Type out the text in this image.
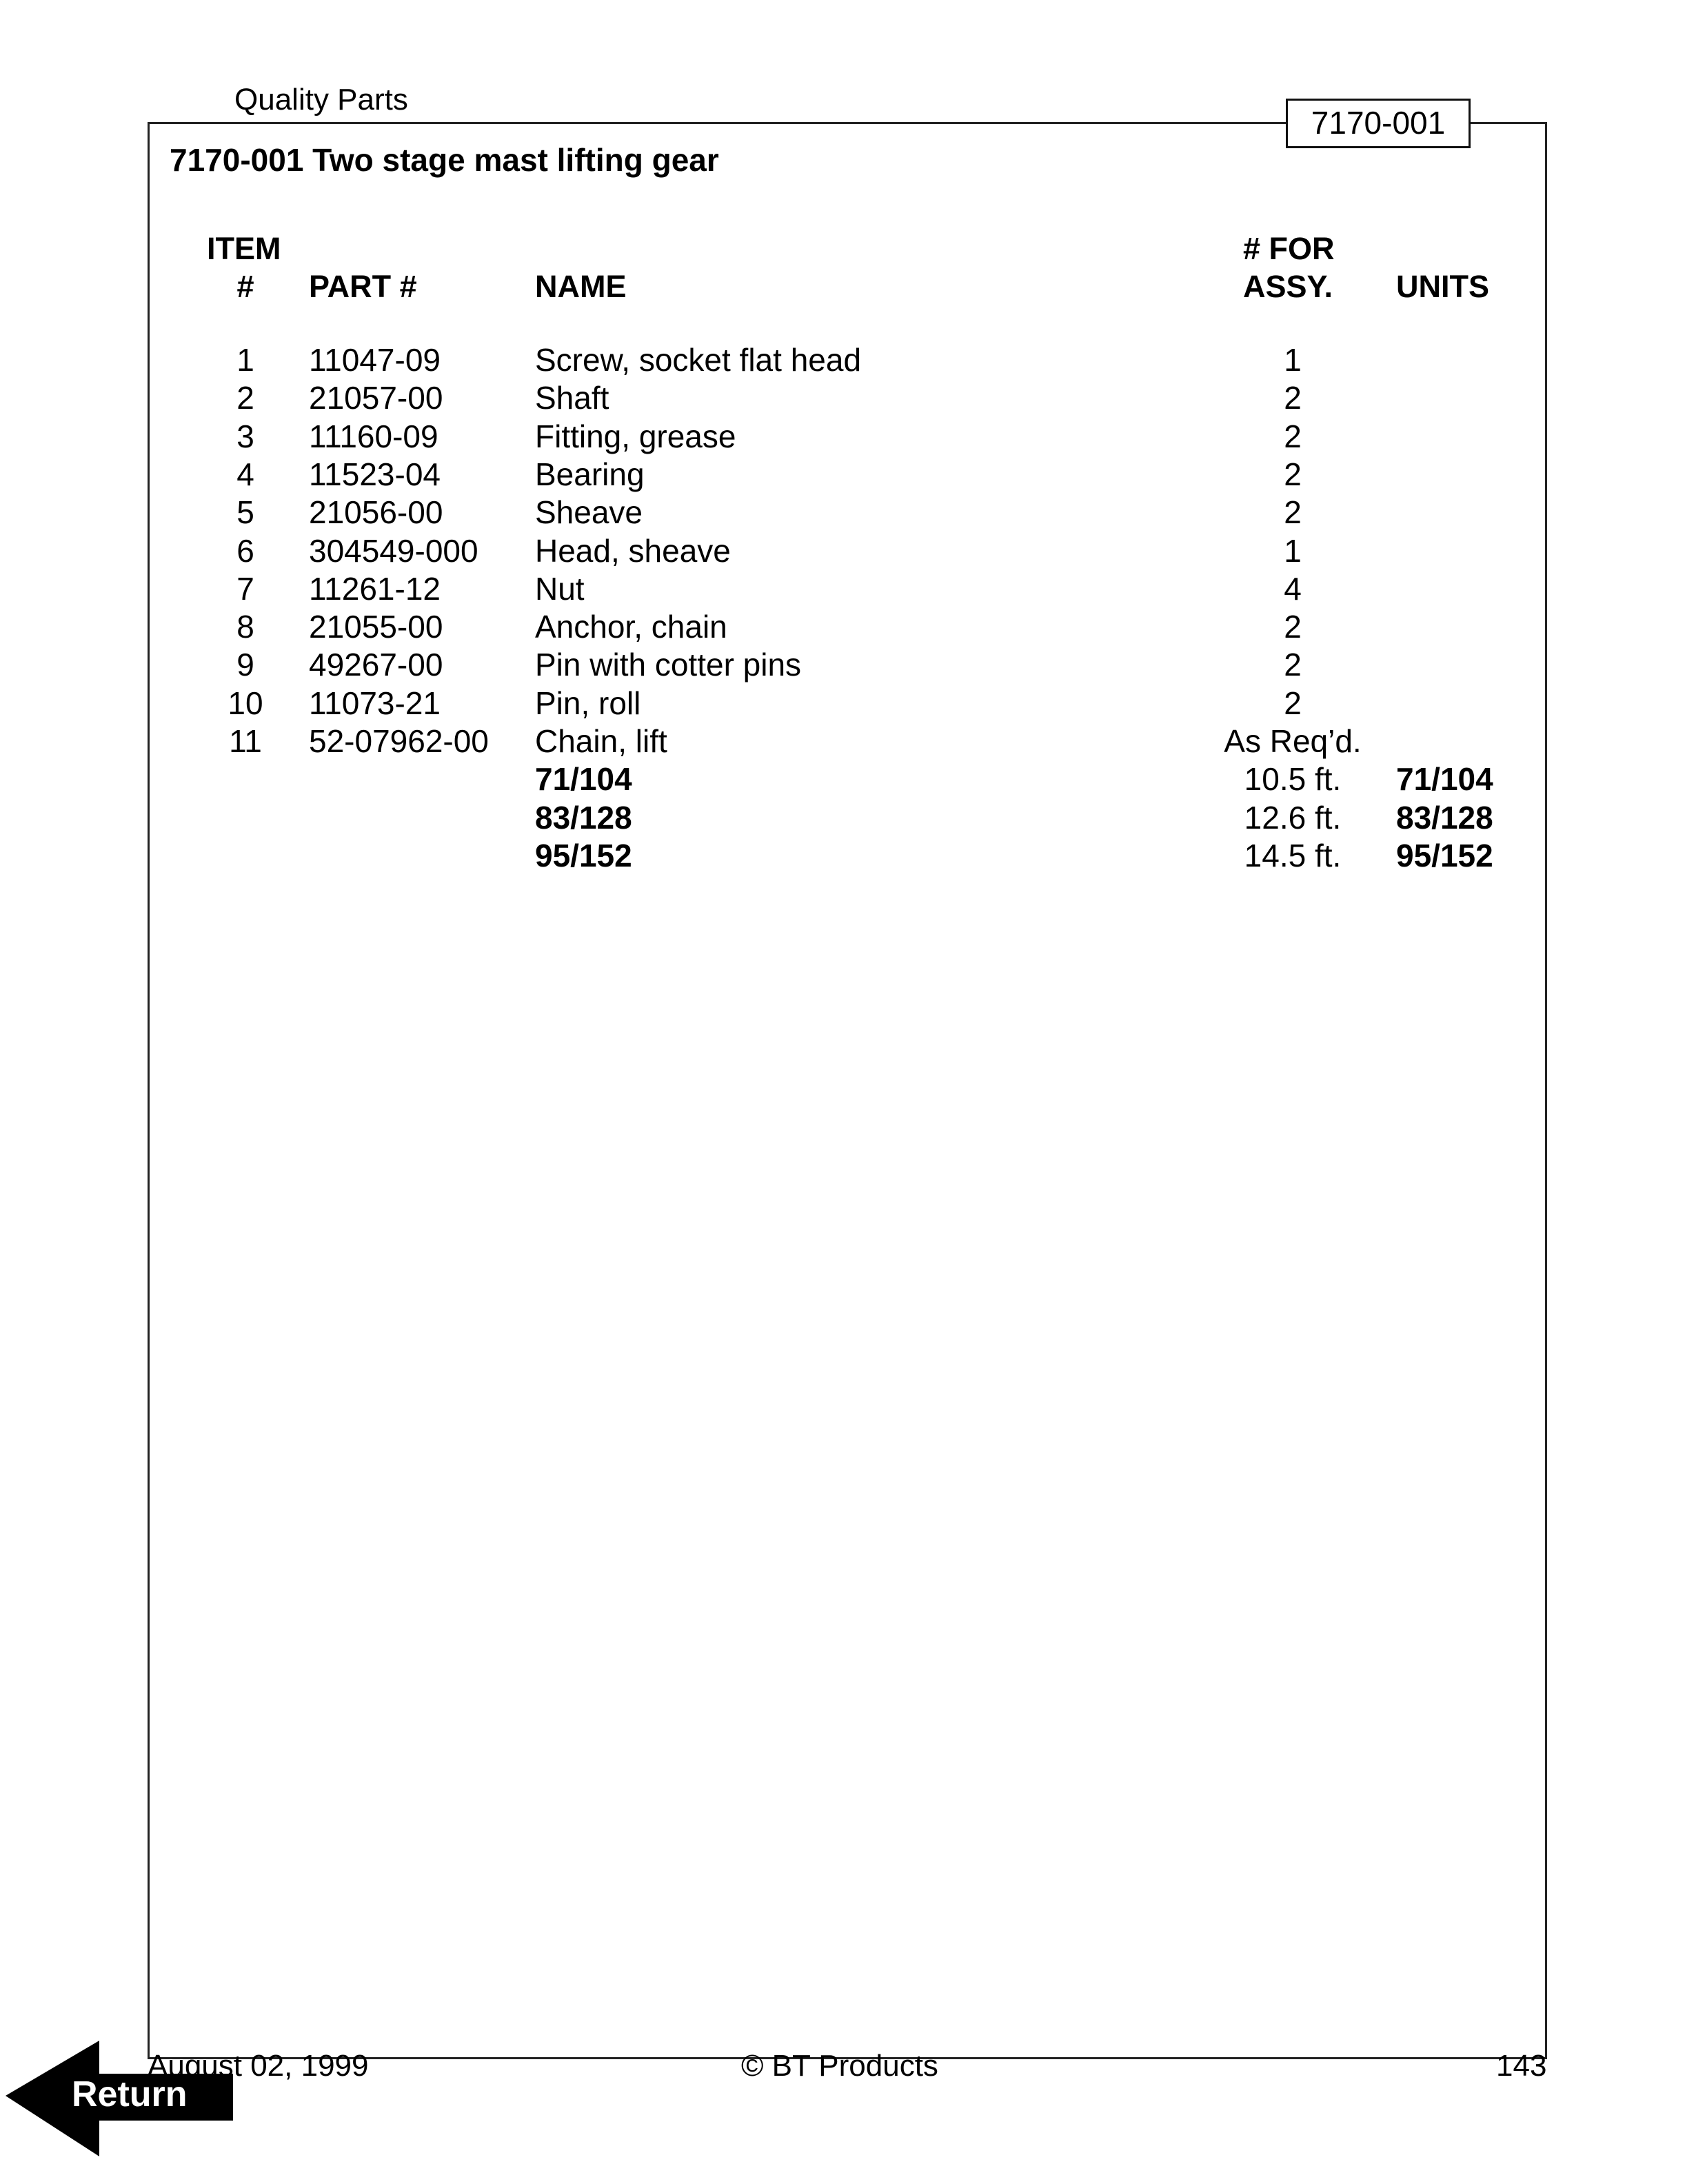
Quality Parts
7170-001
7170-001 Two stage mast lifting gear
ITEM
#	PART #	NAME
# FOR
ASSY. UNITS
1	11047-09	Screw, socket flat head	1
2	21057-00	Shaft	2
3	11160-09	Fitting, grease	2
4	11523-04	Bearing	2
5	21056-00	Sheave	2
6	304549-000 Head, sheave	1
7	11261-12	Nut	4
8	21055-00	Anchor, chain	2
9	49267-00	Pin with cotter pins	2
10	11073-21	Pin, roll	2
11	52-07962-00 Chain, lift	As Req’d.
71/104	10.5 ft.	71/104
83/128	12.6 ft.	83/128
95/152	14.5 ft.	95/152
August 02, 1999	© BT Products	143
Return
